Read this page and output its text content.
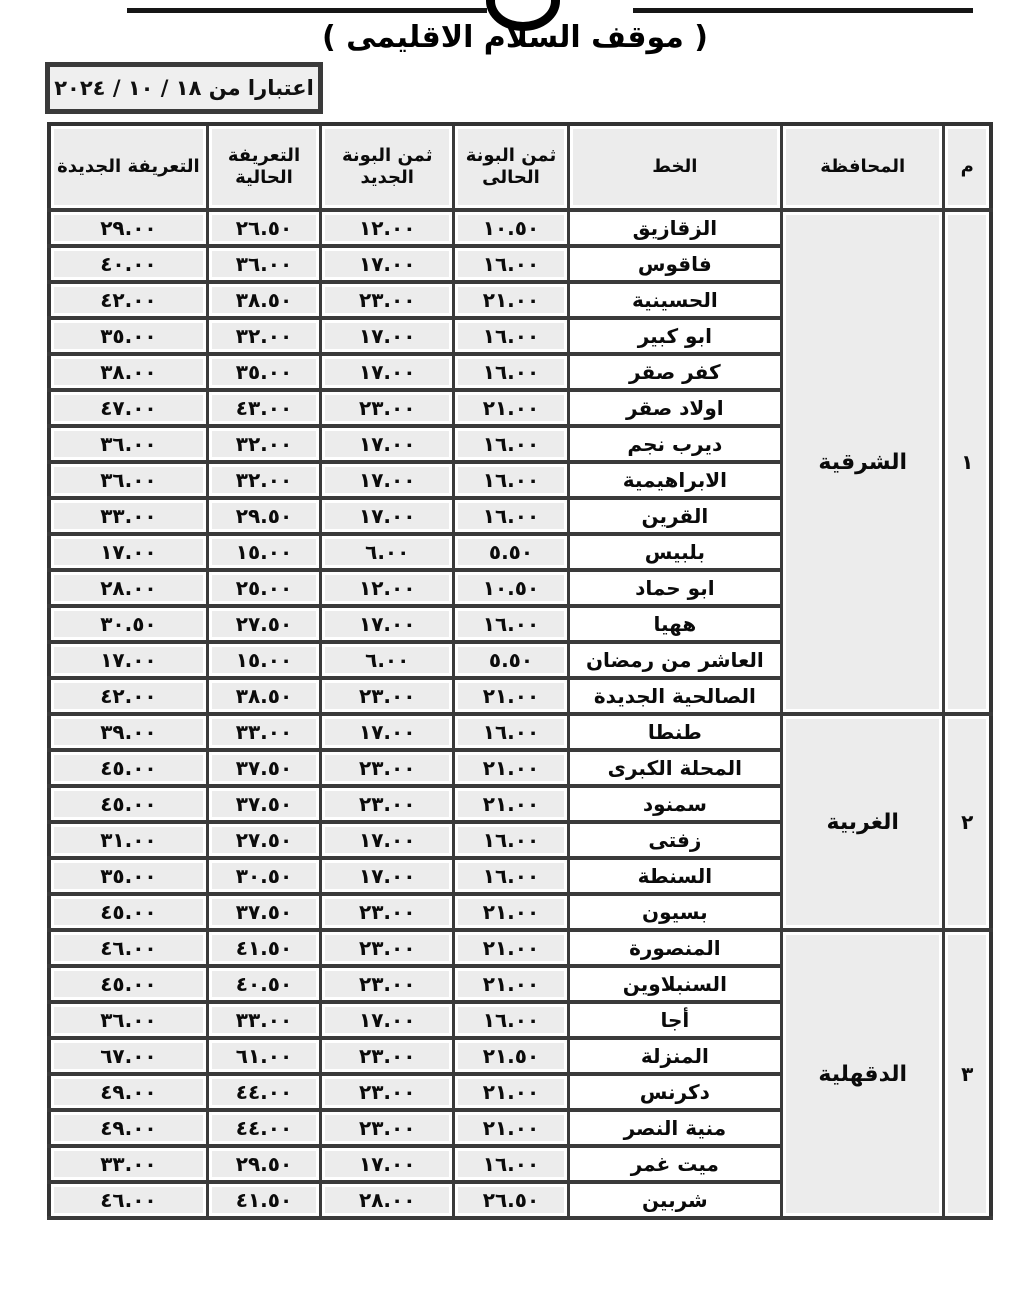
( موقف السلام الاقليمى )
اعتبارا من ١٨ / ١٠ / ٢٠٢٤
م	المحافظة	الخط	ثمن البونة الحالى	ثمن البونة الجديد	التعريفة الحالية	التعريفة الجديدة
١	الشرقية	الزقازيق	١٠.٥٠	١٢.٠٠	٢٦.٥٠	٢٩.٠٠
		فاقوس	١٦.٠٠	١٧.٠٠	٣٦.٠٠	٤٠.٠٠
		الحسينية	٢١.٠٠	٢٣.٠٠	٣٨.٥٠	٤٢.٠٠
		ابو كبير	١٦.٠٠	١٧.٠٠	٣٢.٠٠	٣٥.٠٠
		كفر صقر	١٦.٠٠	١٧.٠٠	٣٥.٠٠	٣٨.٠٠
		اولاد صقر	٢١.٠٠	٢٣.٠٠	٤٣.٠٠	٤٧.٠٠
		ديرب نجم	١٦.٠٠	١٧.٠٠	٣٢.٠٠	٣٦.٠٠
		الابراهيمية	١٦.٠٠	١٧.٠٠	٣٢.٠٠	٣٦.٠٠
		القرين	١٦.٠٠	١٧.٠٠	٢٩.٥٠	٣٣.٠٠
		بلبيس	٥.٥٠	٦.٠٠	١٥.٠٠	١٧.٠٠
		ابو حماد	١٠.٥٠	١٢.٠٠	٢٥.٠٠	٢٨.٠٠
		ههيا	١٦.٠٠	١٧.٠٠	٢٧.٥٠	٣٠.٥٠
		العاشر من رمضان	٥.٥٠	٦.٠٠	١٥.٠٠	١٧.٠٠
		الصالحية الجديدة	٢١.٠٠	٢٣.٠٠	٣٨.٥٠	٤٢.٠٠
٢	الغربية	طنطا	١٦.٠٠	١٧.٠٠	٣٣.٠٠	٣٩.٠٠
		المحلة الكبرى	٢١.٠٠	٢٣.٠٠	٣٧.٥٠	٤٥.٠٠
		سمنود	٢١.٠٠	٢٣.٠٠	٣٧.٥٠	٤٥.٠٠
		زفتى	١٦.٠٠	١٧.٠٠	٢٧.٥٠	٣١.٠٠
		السنطة	١٦.٠٠	١٧.٠٠	٣٠.٥٠	٣٥.٠٠
		بسيون	٢١.٠٠	٢٣.٠٠	٣٧.٥٠	٤٥.٠٠
٣	الدقهلية	المنصورة	٢١.٠٠	٢٣.٠٠	٤١.٥٠	٤٦.٠٠
		السنبلاوين	٢١.٠٠	٢٣.٠٠	٤٠.٥٠	٤٥.٠٠
		أجا	١٦.٠٠	١٧.٠٠	٣٣.٠٠	٣٦.٠٠
		المنزلة	٢١.٥٠	٢٣.٠٠	٦١.٠٠	٦٧.٠٠
		دكرنس	٢١.٠٠	٢٣.٠٠	٤٤.٠٠	٤٩.٠٠
		منية النصر	٢١.٠٠	٢٣.٠٠	٤٤.٠٠	٤٩.٠٠
		ميت غمر	١٦.٠٠	١٧.٠٠	٢٩.٥٠	٣٣.٠٠
		شربين	٢٦.٥٠	٢٨.٠٠	٤١.٥٠	٤٦.٠٠
